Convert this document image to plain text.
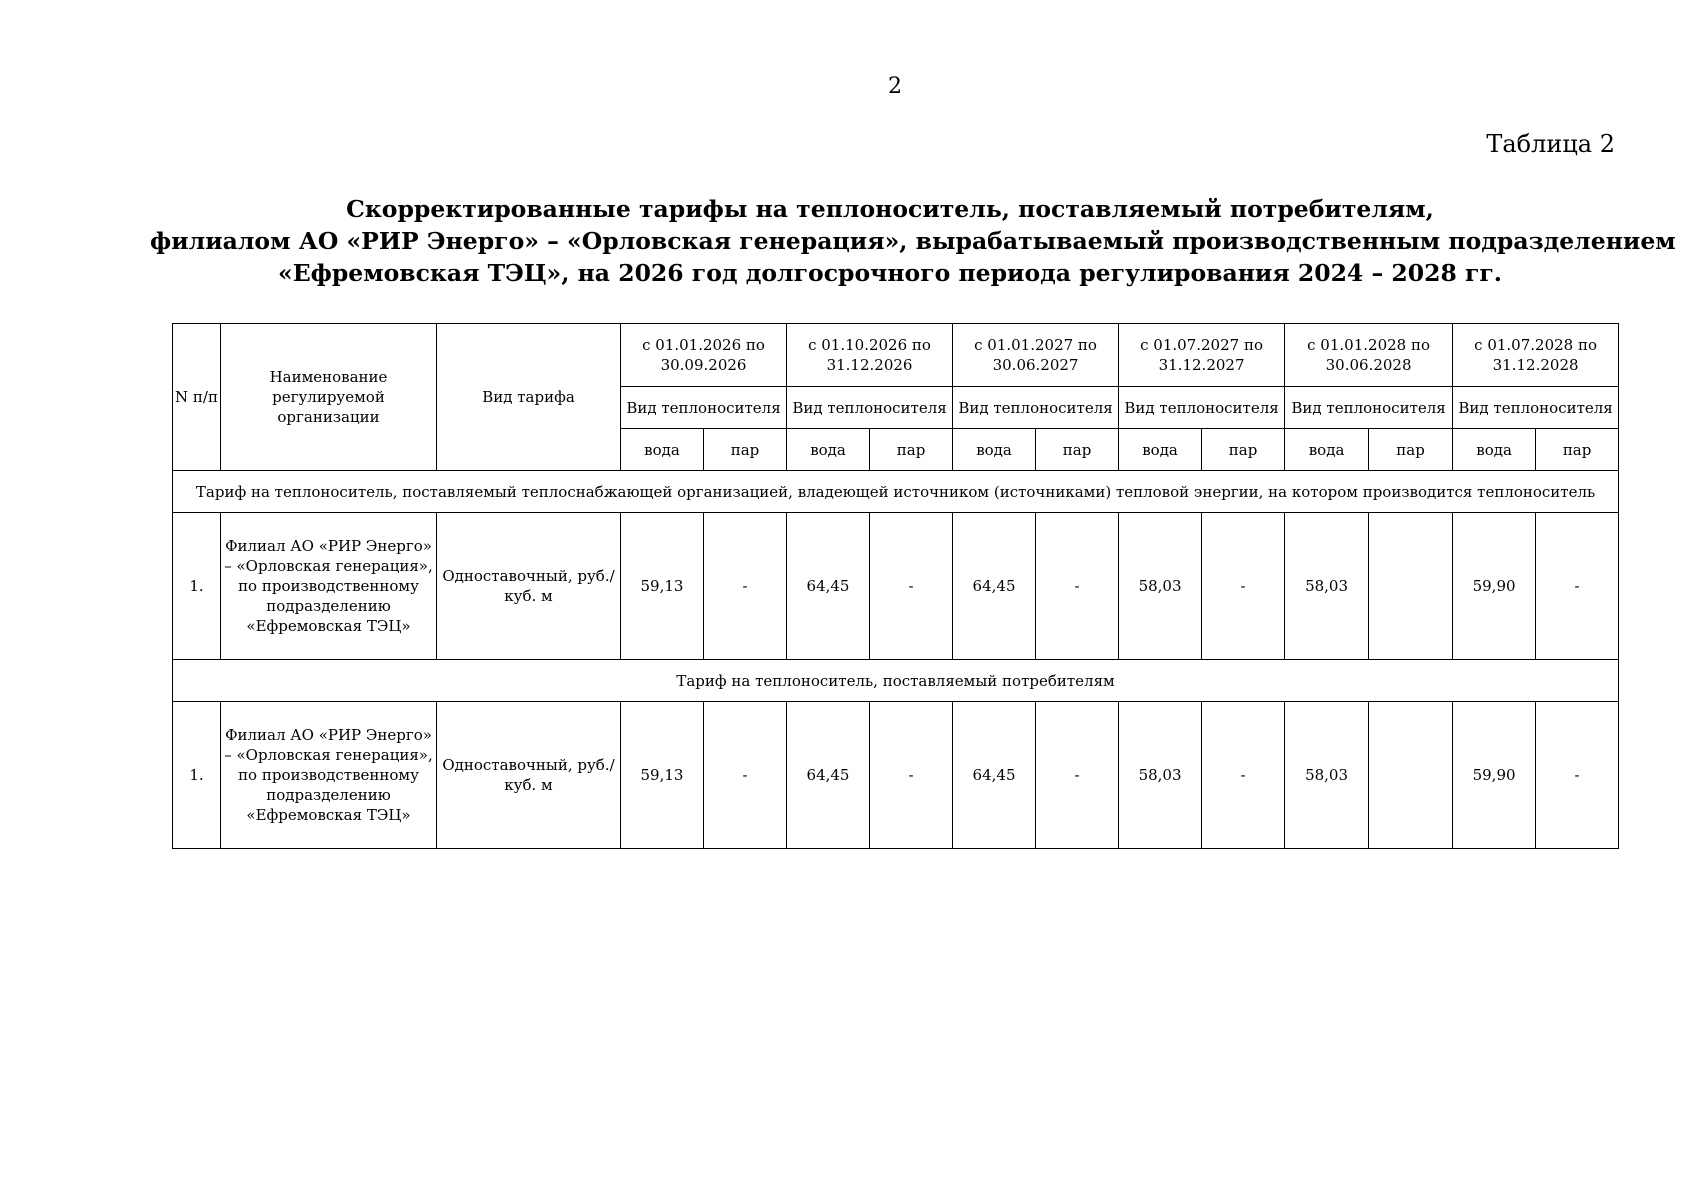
2
Таблица 2
Скорректированные тарифы на теплоноситель, поставляемый потребителям,
филиалом АО «РИР Энерго» – «Орловская генерация», вырабатываемый производственным подразделением
«Ефремовская ТЭЦ», на 2026 год долгосрочного периода регулирования 2024 – 2028 гг.
N п/п	Наименование регулируемой организации	Вид тарифа	с 01.01.2026 по 30.09.2026		с 01.10.2026 по 31.12.2026		с 01.01.2027 по 30.06.2027		с 01.07.2027 по 31.12.2027		с 01.01.2028 по 30.06.2028		с 01.07.2028 по 31.12.2028	
			Вид теплоносителя		Вид теплоносителя		Вид теплоносителя		Вид теплоносителя		Вид теплоносителя		Вид теплоносителя	
			вода	пар	вода	пар	вода	пар	вода	пар	вода	пар	вода	пар
Тариф на теплоноситель, поставляемый теплоснабжающей организацией, владеющей источником (источниками) тепловой энергии, на котором производится теплоноситель														
1.	Филиал АО «РИР Энерго» – «Орловская генерация», по производственному подразделению «Ефремовская ТЭЦ»	Одноставочный, руб./куб. м	59,13	-	64,45	-	64,45	-	58,03	-	58,03		59,90	-
Тариф на теплоноситель, поставляемый потребителям														
1.	Филиал АО «РИР Энерго» – «Орловская генерация», по производственному подразделению «Ефремовская ТЭЦ»	Одноставочный, руб./куб. м	59,13	-	64,45	-	64,45	-	58,03	-	58,03		59,90	-
